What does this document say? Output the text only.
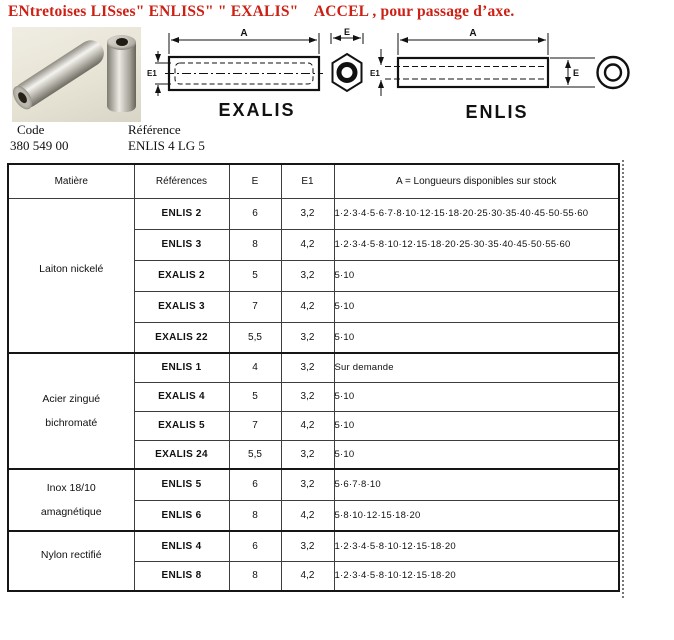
ENtretoises LISses" ENLISS" " EXALIS"    ACCEL , pour passage d’axe.
A
E1
E	A
E1	E
EXALIS	ENLIS
Code
380 549 00
Référence
ENLIS 4 LG 5
Matière	Références	E	E1	A = Longueurs disponibles sur stock

Laiton nickelé	ENLIS 2	6	3,2	1·2·3·4·5·6·7·8·10·12·15·18·20·25·30·35·40·45·50·55·60
	ENLIS 3	8	4,2	1·2·3·4·5·8·10·12·15·18·20·25·30·35·40·45·50·55·60
	EXALIS 2	5	3,2	5·10
	EXALIS 3	7	4,2	5·10
	EXALIS 22	5,5	3,2	5·10

Acier zingué
bichromaté	ENLIS 1	4	3,2	Sur demande
	EXALIS 4	5	3,2	5·10
	EXALIS 5	7	4,2	5·10
	EXALIS 24	5,5	3,2	5·10

Inox 18/10
amagnétique	ENLIS 5	6	3,2	5·6·7·8·10
	ENLIS 6	8	4,2	5·8·10·12·15·18·20

Nylon rectifié	ENLIS 4	6	3,2	1·2·3·4·5·8·10·12·15·18·20
	ENLIS 8	8	4,2	1·2·3·4·5·8·10·12·15·18·20
